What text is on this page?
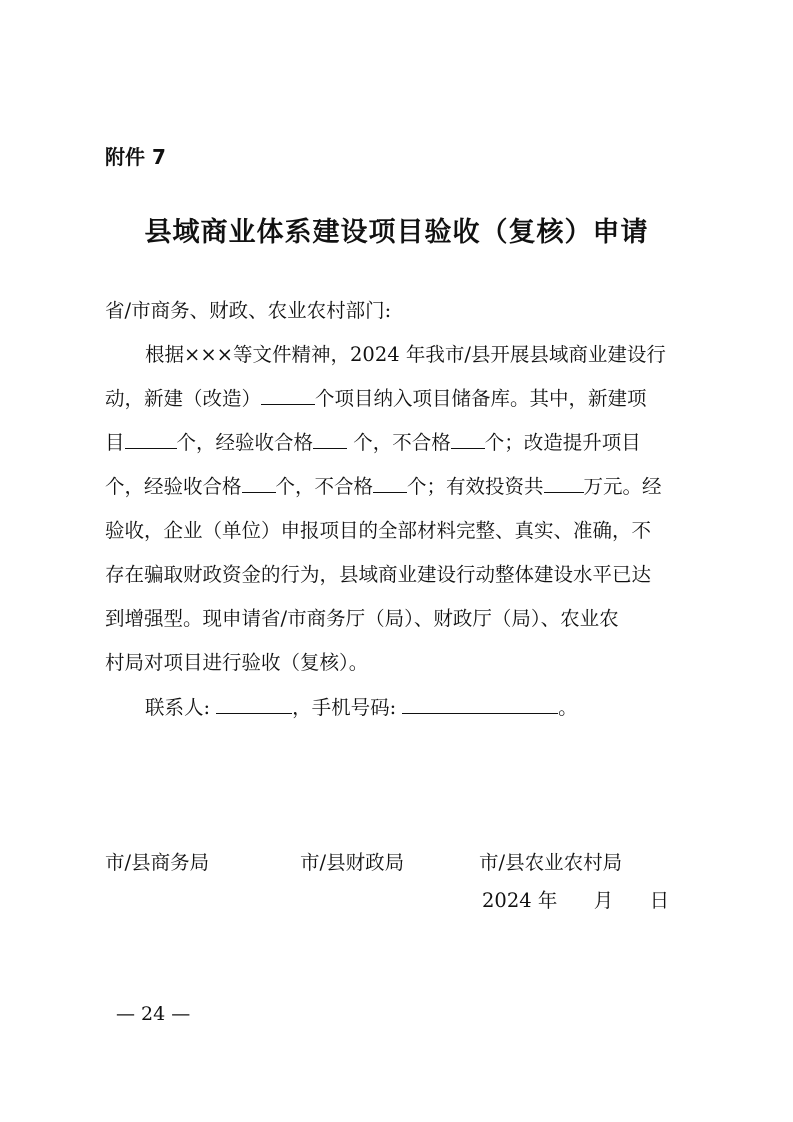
附件 7
县域商业体系建设项目验收（复核）申请
省/市商务、财政、农业农村部门:
根据×××等文件精神，2024 年我市/县开展县域商业建设行
动，新建（改造）	个项目纳入项目储备库。其中，新建项
目	个，经验收合格 个，不合格 个；改造提升项目
个，经验收合格 个，不合格 个；有效投资共 万元。经
验收，企业（单位）申报项目的全部材料完整、真实、准确，不
存在骗取财政资金的行为，县域商业建设行动整体建设水平已达
到增强型。现申请省/市商务厅（局）、财政厅（局）、农业农
村局对项目进行验收（复核）。
联系人:	，手机号码:	。
市/县商务局	市/县财政局	市/县农业农村局
2024 年 月 日
— 24 —
